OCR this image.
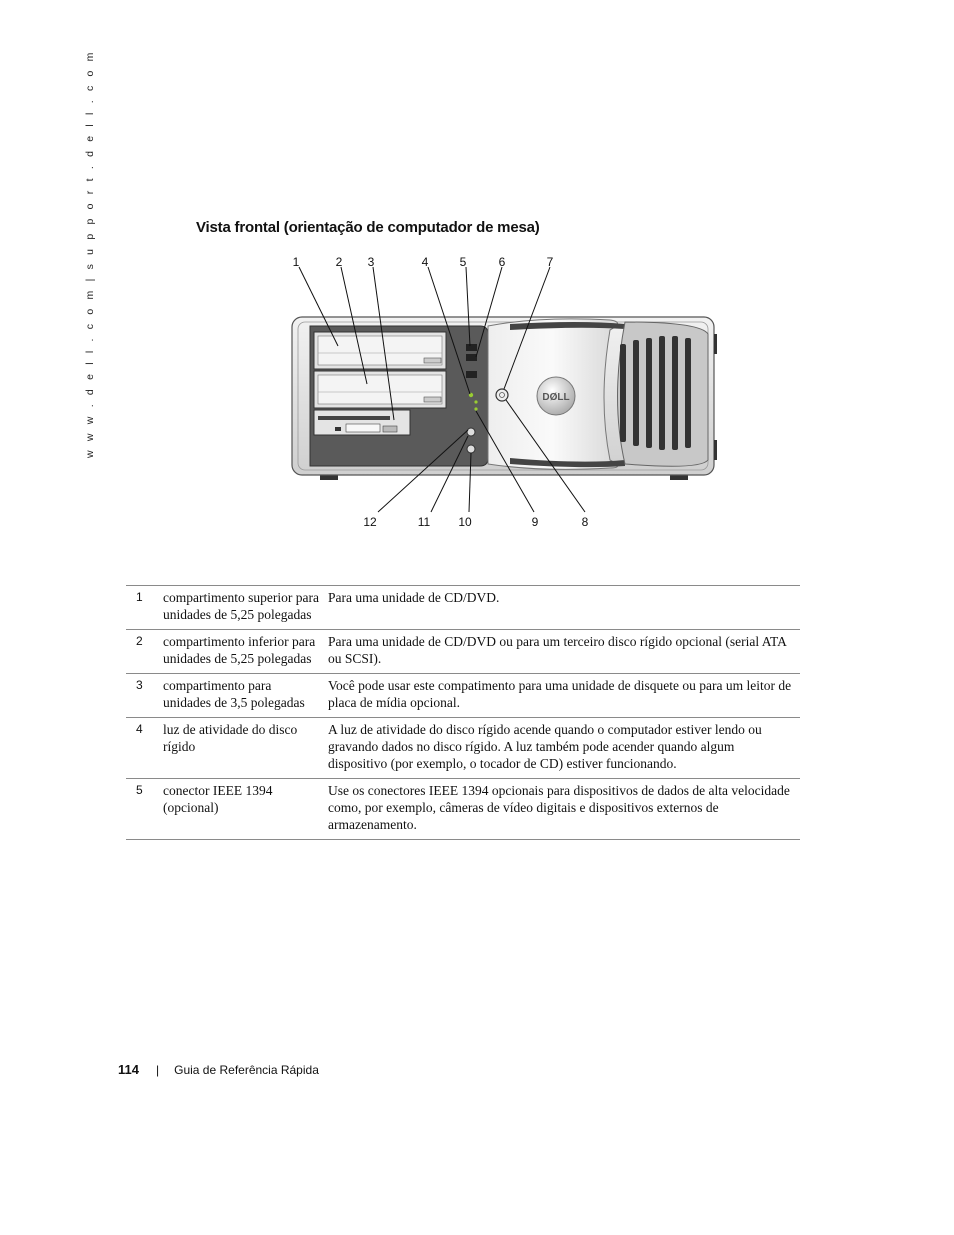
w w w . d e l l . c o m | s u p p o r t . d e l l . c o m	Vista frontal (orientação de computador de mesa)
DØLL
1	2 3	4	5	6	7
8
9
10
11
12
1	compartimento superior para unidades de 5,25 polegadas	Para uma unidade de CD/DVD.
2	compartimento inferior para unidades de 5,25 polegadas	Para uma unidade de CD/DVD ou para um terceiro disco rígido opcional (serial ATA ou SCSI).
3	compartimento para unidades de 3,5 polegadas	Você pode usar este compatimento para uma unidade de disquete ou para um leitor de placa de mídia opcional.
4	luz de atividade do disco rígido	A luz de atividade do disco rígido acende quando o computador estiver lendo ou gravando dados no disco rígido. A luz também pode acender quando algum dispositivo (por exemplo, o tocador de CD) estiver funcionando.
5	conector IEEE 1394 (opcional)	Use os conectores IEEE 1394 opcionais para dispositivos de dados de alta velocidade como, por exemplo, câmeras de vídeo digitais e dispositivos externos de armazenamento.
114 | Guia de Referência Rápida
